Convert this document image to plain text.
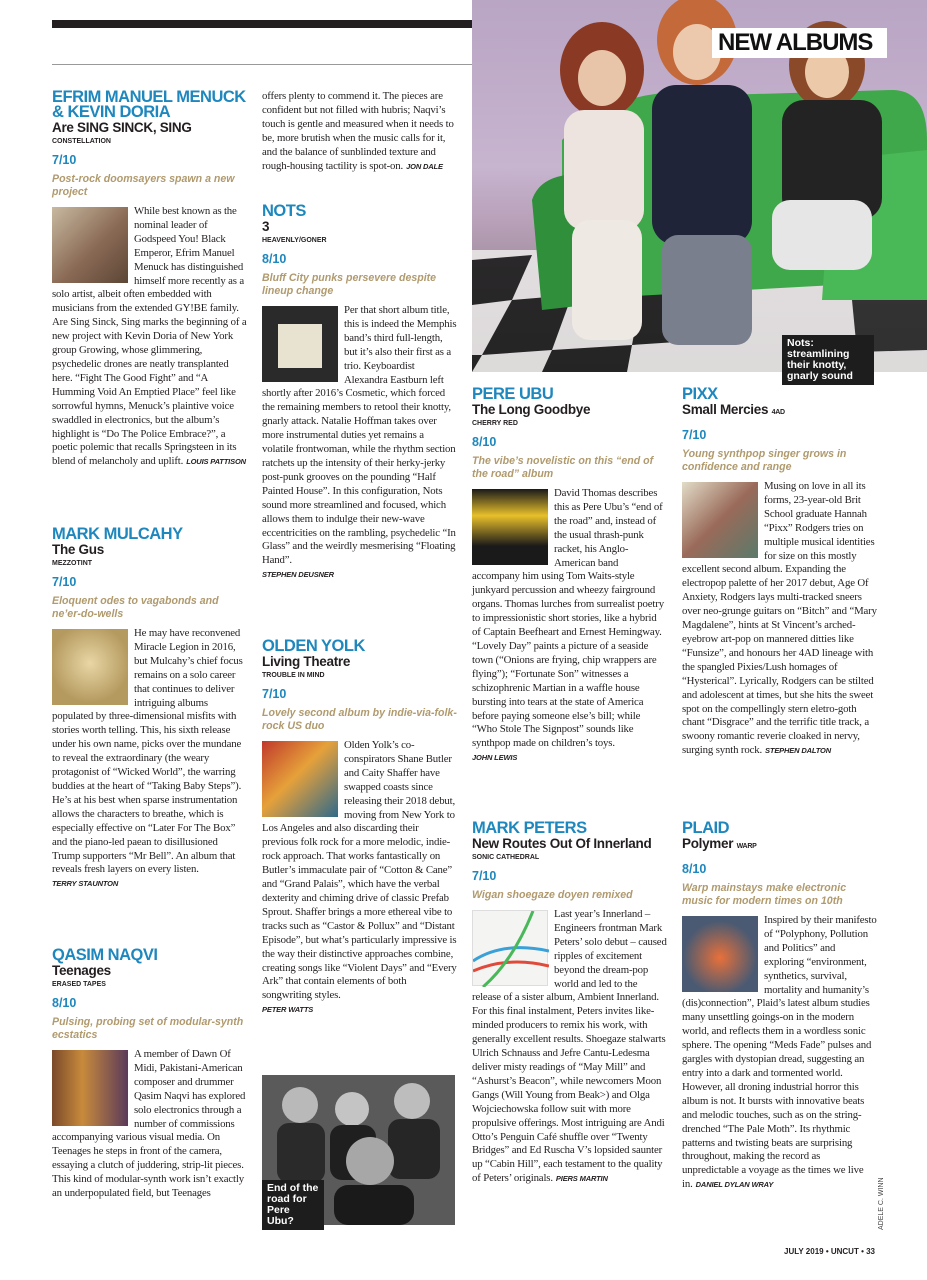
NEW ALBUMS
Nots: streamlining their knotty, gnarly sound
End of the road for Pere Ubu?
EFRIM MANUEL MENUCK & KEVIN DORIA
Are SING SINCK, SING
CONSTELLATION
7/10
Post-rock doomsayers spawn a new project
While best known as the nominal leader of Godspeed You! Black Emperor, Efrim Manuel Menuck has distinguished himself more recently as a solo artist, albeit often embedded with musicians from the extended GY!BE family. Are Sing Sinck, Sing marks the beginning of a new project with Kevin Doria of New York group Growing, whose glimmering, psychedelic drones are neatly transplanted here. “Fight The Good Fight” and “A Humming Void An Emptied Place” feel like sorrowful hymns, Menuck’s plaintive voice swaddled in electronics, but the album’s highlight is “Do The Police Embrace?”, a poetic polemic that recalls Springsteen in its blend of melancholy and uplift. LOUIS PATTISON
MARK MULCAHY
The Gus
MEZZOTINT
7/10
Eloquent odes to vagabonds and ne’er-do-wells
He may have reconvened Miracle Legion in 2016, but Mulcahy’s chief focus remains on a solo career that continues to deliver intriguing albums populated by three-dimensional misfits with stories worth telling. This, his sixth release under his own name, picks over the mundane to reveal the extraordinary (the weary protagonist of “Wicked World”, the warring buddies at the heart of “Taking Baby Steps”). He’s at his best when sparse instrumentation allows the characters to breathe, which is especially effective on “Later For The Box” and the piano-led paean to disillusioned Trump supporters “Mr Bell”. An album that reveals fresh layers on every listen.
TERRY STAUNTON
QASIM NAQVI
Teenages
ERASED TAPES
8/10
Pulsing, probing set of modular-synth ecstatics
A member of Dawn Of Midi, Pakistani-American composer and drummer Qasim Naqvi has explored solo electronics through a number of commissions accompanying various visual media. On Teenages he steps in front of the camera, essaying a clutch of juddering, strip-lit pieces. This kind of modular-synth work isn’t exactly an underpopulated field, but Teenages
offers plenty to commend it. The pieces are confident but not filled with hubris; Naqvi’s touch is gentle and measured when it needs to be, more brutish when the music calls for it, and the balance of sunblinded texture and rough-housing tactility is spot-on. JON DALE
NOTS
3
HEAVENLY/GONER
8/10
Bluff City punks persevere despite lineup change
Per that short album title, this is indeed the Memphis band’s third full-length, but it’s also their first as a trio. Keyboardist Alexandra Eastburn left shortly after 2016’s Cosmetic, which forced the remaining members to retool their knotty, gnarly attack. Natalie Hoffman takes over more instrumental duties yet remains a volatile frontwoman, while the rhythm section ratchets up the intensity of their herky-jerky post-punk grooves on the pounding “Half Painted House”. In this configuration, Nots sound more streamlined and focused, which allows them to indulge their new-wave eccentricities on the rambling, psychedelic “In Glass” and the weirdly mesmerising “Floating Hand”.
STEPHEN DEUSNER
OLDEN YOLK
Living Theatre
TROUBLE IN MIND
7/10
Lovely second album by indie-via-folk-rock US duo
Olden Yolk’s co-conspirators Shane Butler and Caity Shaffer have swapped coasts since releasing their 2018 debut, moving from New York to Los Angeles and also discarding their previous folk rock for a more melodic, indie-rock approach. That works fantastically on Butler’s immaculate pair of “Cotton & Cane” and “Grand Palais”, which have the verbal dexterity and chiming drive of classic Prefab Sprout. Shaffer brings a more ethereal vibe to tracks such as “Castor & Pollux” and “Distant Episode”, but what’s particularly impressive is the way their distinctive approaches combine, creating songs like “Violent Days” and “Every Ark” that contain elements of both songwriting styles.
PETER WATTS
PERE UBU
The Long Goodbye
CHERRY RED
8/10
The vibe’s novelistic on this “end of the road” album
David Thomas describes this as Pere Ubu’s “end of the road” and, instead of the usual thrash-punk racket, his Anglo-American band accompany him using Tom Waits-style junkyard percussion and wheezy fairground organs. Thomas lurches from surrealist poetry to impressionistic short stories, like a hybrid of Captain Beefheart and Ernest Hemingway. “Lovely Day” paints a picture of a seaside town (“Onions are frying, chip wrappers are flying”); “Fortunate Son” witnesses a schizophrenic Martian in a waffle house bursting into tears at the state of America before paying someone else’s bill; while “Who Stole The Signpost” sounds like synthpop made on children’s toys.
JOHN LEWIS
MARK PETERS
New Routes Out Of Innerland
SONIC CATHEDRAL
7/10
Wigan shoegaze doyen remixed
Last year’s Innerland – Engineers frontman Mark Peters’ solo debut – caused ripples of excitement beyond the dream-pop world and led to the release of a sister album, Ambient Innerland. For this final instalment, Peters invites like-minded producers to remix his work, with generally excellent results. Shoegaze stalwarts Ulrich Schnauss and Jefre Cantu-Ledesma deliver misty readings of “May Mill” and “Ashurst’s Beacon”, while newcomers Moon Gangs (Will Young from Beak>) and Olga Wojciechowska follow suit with more propulsive offerings. Most intriguing are Andi Otto’s Penguin Café shuffle over “Twenty Bridges” and Ed Ruscha V’s lopsided saunter up “Cabin Hill”, each testament to the quality of Peters’ originals. PIERS MARTIN
PIXX
Small Mercies 4AD
7/10
Young synthpop singer grows in confidence and range
Musing on love in all its forms, 23-year-old Brit School graduate Hannah “Pixx” Rodgers tries on multiple musical identities for size on this mostly excellent second album. Expanding the electropop palette of her 2017 debut, Age Of Anxiety, Rodgers lays multi-tracked sneers over neo-grunge guitars on “Bitch” and “Mary Magdalene”, hints at St Vincent’s arched-eyebrow art-pop on mannered ditties like “Funsize”, and honours her 4AD lineage with the spangled Pixies/Lush homages of “Hysterical”. Lyrically, Rodgers can be stilted and adolescent at times, but she hits the sweet spot on the compellingly stern eletro-goth chant “Disgrace” and the terrific title track, a swoony romantic reverie cloaked in nervy, surging synth rock. STEPHEN DALTON
PLAID
Polymer WARP
8/10
Warp mainstays make electronic music for modern times on 10th
Inspired by their manifesto of “Polyphony, Pollution and Politics” and exploring “environment, synthetics, survival, mortality and humanity’s (dis)connection”, Plaid’s latest album studies many unsettling goings-on in the modern world, and reflects them in a wordless sonic sphere. The opening “Meds Fade” pulses and gargles with dystopian dread, suggesting an entry into a dark and tormented world. However, all droning industrial horror this album is not. It bursts with innovative beats and melodic touches, such as on the string-drenched “The Pale Moth”. Its rhythmic patterns and twisting beats are surprising throughout, making the record as unpredictable a voyage as the times we live in. DANIEL DYLAN WRAY	ADELE C. WINN
JULY 2019 • UNCUT • 33
